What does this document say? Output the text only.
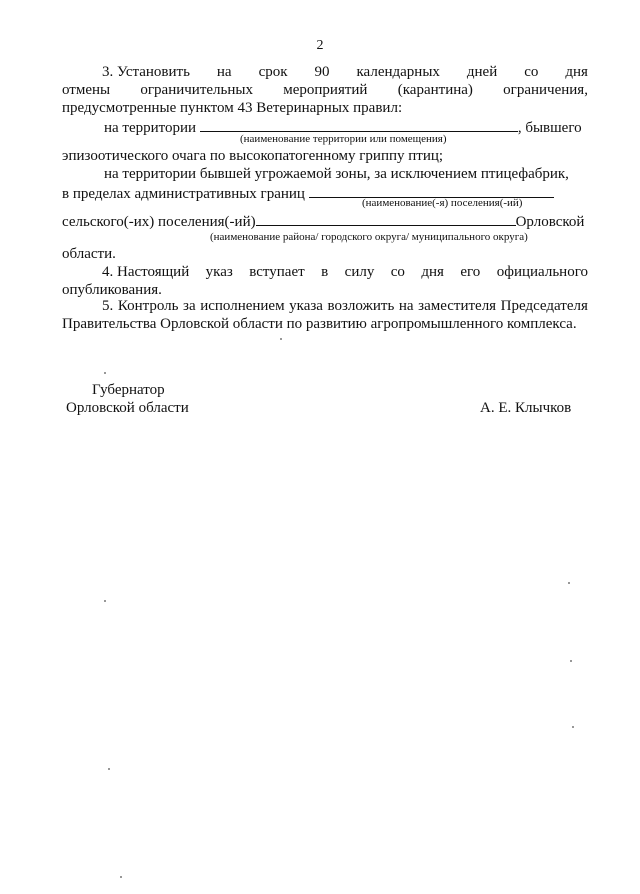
2
3. Установить на срок 90 календарных дней со дня
отмены ограничительных мероприятий (карантина) ограничения,
предусмотренные пунктом 43 Ветеринарных правил:
на территории	, бывшего
(наименование территории или помещения)
эпизоотического очага по высокопатогенному гриппу птиц;
на территории бывшей угрожаемой зоны, за исключением птицефабрик,
в пределах административных границ
(наименование(-я) поселения(-ий)
сельского(-их) поселения(-ий)	Орловской
(наименование района/ городского округа/ муниципального округа)
области.
4. Настоящий указ вступает в силу со дня его официального
опубликования.
5. Контроль за исполнением указа возложить на заместителя Председателя
Правительства Орловской области по развитию агропромышленного комплекса.
Губернатор
Орловской области	А. Е. Клычков
